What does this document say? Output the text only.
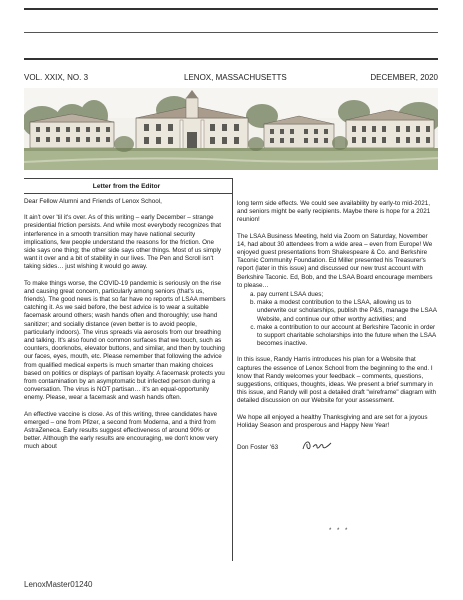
VOL. XXIX, NO. 3	LENOX, MASSACHUSETTS	DECEMBER, 2020
Letter from the Editor

Dear Fellow Alumni and Friends of Lenox School,

It ain't over 'til it's over. As of this writing – early December – strange presidential friction persists. And while most everybody recognizes that interference in a smooth transition may have national security implications, few people understand the reasons for the friction. One side says one thing; the other side says other things. Most of us simply want it over and a bit of stability in our lives. The Pen and Scroll isn't taking sides… just wishing it would go away.

To make things worse, the COVID-19 pandemic is seriously on the rise and causing great concern, particularly among seniors (that's us, friends). The good news is that so far have no reports of LSAA members catching it. As we said before, the best advice is to wear a suitable facemask around others; wash hands often and thoroughly; use hand sanitizer; and socially distance (even better is to avoid people, particularly indoors). The virus spreads via aerosols from our breathing and talking. It's also found on common surfaces that we touch, such as counters, doorknobs, elevator buttons, and similar, and then by touching our faces, eyes, mouth, etc. Please remember that following the advice from qualified medical experts is much smarter than making choices based on politics or displays of partisan loyalty. A facemask protects you from contamination by an asymptomatic but infected person during a conversation. The virus is NOT partisan… it's an equal-opportunity enemy. Please, wear a facemask and wash hands often.

An effective vaccine is close. As of this writing, three candidates have emerged – one from Pfizer, a second from Moderna, and a third from AstraZeneca. Early results suggest effectiveness of around 90% or better. Although the early results are encouraging, we don't know very much about

long term side effects. We could see availability by early-to mid-2021, and seniors might be early recipients. Maybe there is hope for a 2021 reunion!

The LSAA Business Meeting, held via Zoom on Saturday, November 14, had about 30 attendees from a wide area – even from Europe! We enjoyed guest presentations from Shakespeare & Co. and Berkshire Taconic Community Foundation. Ed Miller presented his Treasurer's report (later in this issue) and discussed our new trust account with Berkshire Taconic. Ed, Bob, and the LSAA Board encourage members to please…

a. pay current LSAA dues;
b. make a modest contribution to the LSAA, allowing us to underwrite our scholarships, publish the P&S, manage the LSAA Website, and continue our other worthy activities; and
c. make a contribution to our account at Berkshire Taconic in order to support charitable scholarships into the future when the LSAA becomes inactive.

In this issue, Randy Harris introduces his plan for a Website that captures the essence of Lenox School from the beginning to the end. I know that Randy welcomes your feedback – comments, questions, suggestions, critiques, thoughts, ideas. We present a brief summary in this issue, and Randy will post a detailed draft "wireframe" diagram with detailed discussion on our Website for your assessment.

We hope all enjoyed a healthy Thanksgiving and are set for a joyous Holiday Season and prosperous and Happy New Year!

Don Foster '63
* * *
LenoxMaster01240
